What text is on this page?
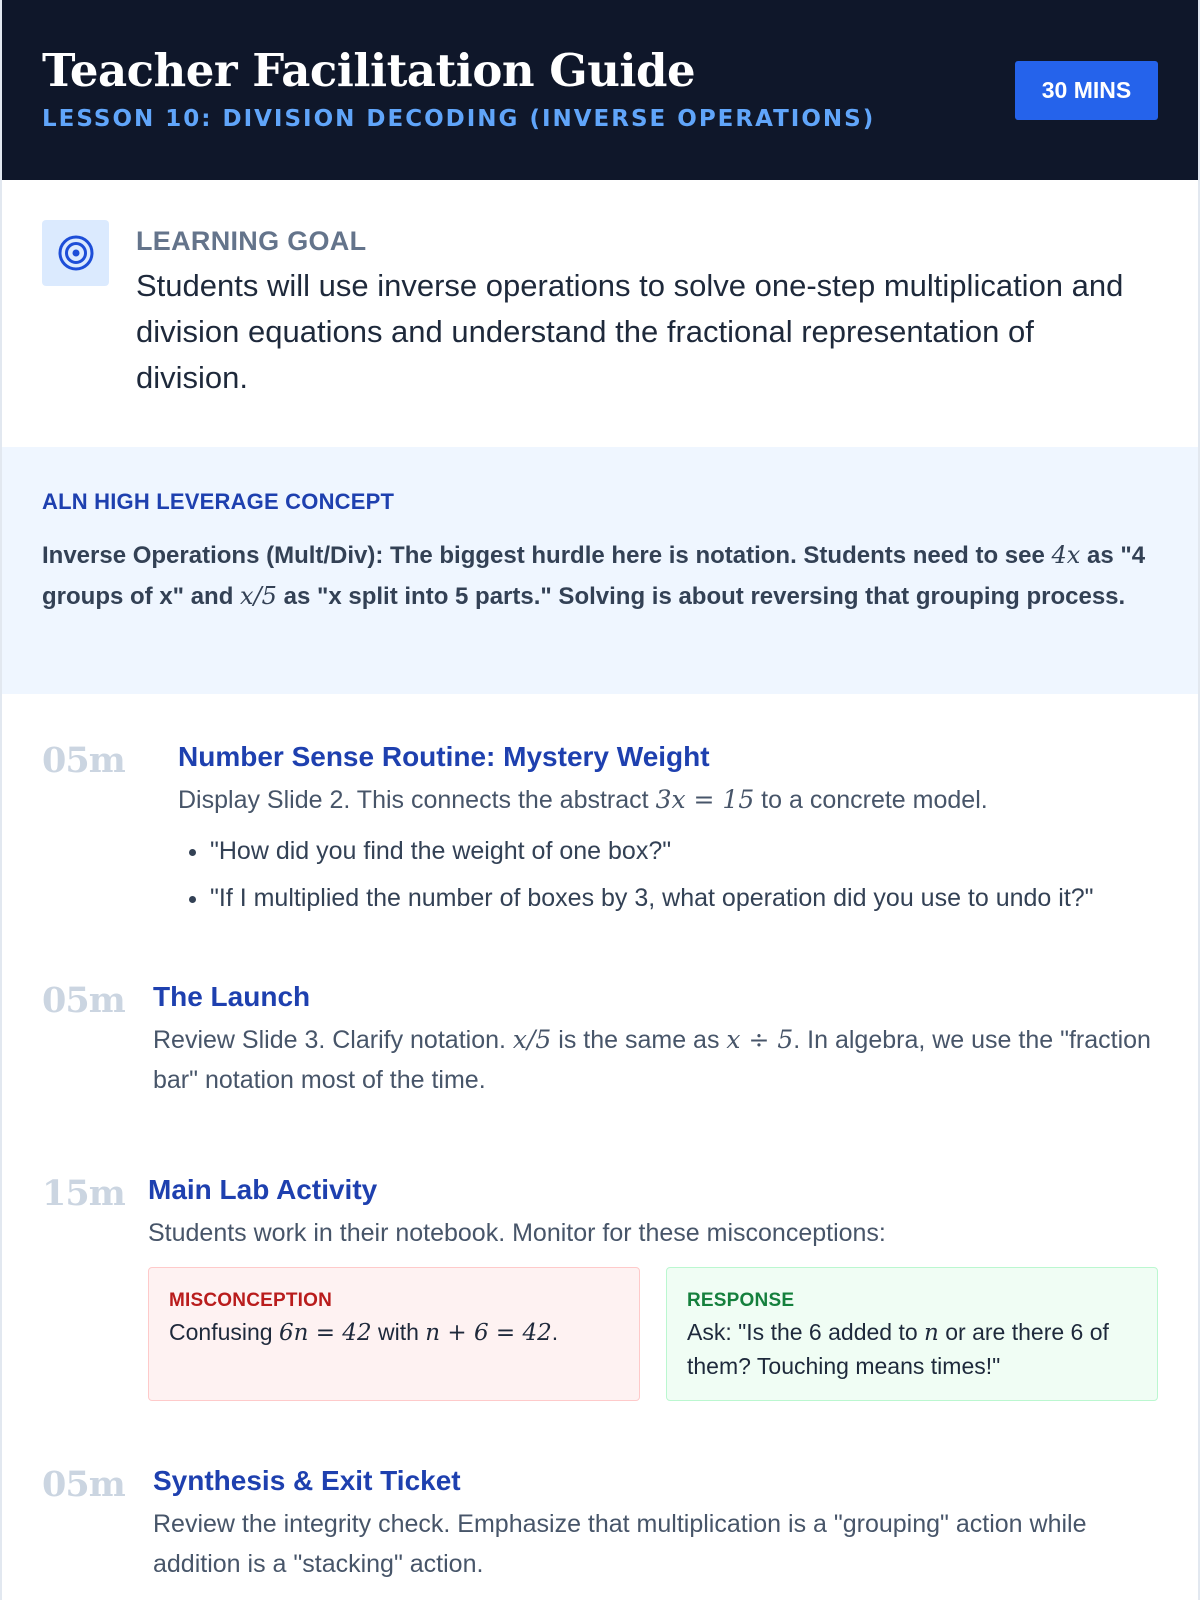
Teacher Facilitation Guide
LESSON 10: DIVISION DECODING (INVERSE OPERATIONS)
30 MINS
LEARNING GOAL
Students will use inverse operations to solve one-step multiplication and division equations and understand the fractional representation of division.
ALN HIGH LEVERAGE CONCEPT
Inverse Operations (Mult/Div): The biggest hurdle here is notation. Students need to see 4x as "4 groups of x" and x/5 as "x split into 5 parts." Solving is about reversing that grouping process.
05m Number Sense Routine: Mystery Weight
Display Slide 2. This connects the abstract 3x = 15 to a concrete model.
• "How did you find the weight of one box?"
• "If I multiplied the number of boxes by 3, what operation did you use to undo it?"
05m The Launch
Review Slide 3. Clarify notation. x/5 is the same as x ÷ 5. In algebra, we use the "fraction bar" notation most of the time.
15m Main Lab Activity
Students work in their notebook. Monitor for these misconceptions:
MISCONCEPTION
Confusing 6n = 42 with n + 6 = 42.
RESPONSE
Ask: "Is the 6 added to n or are there 6 of them? Touching means times!"
05m Synthesis & Exit Ticket
Review the integrity check. Emphasize that multiplication is a "grouping" action while addition is a "stacking" action.
